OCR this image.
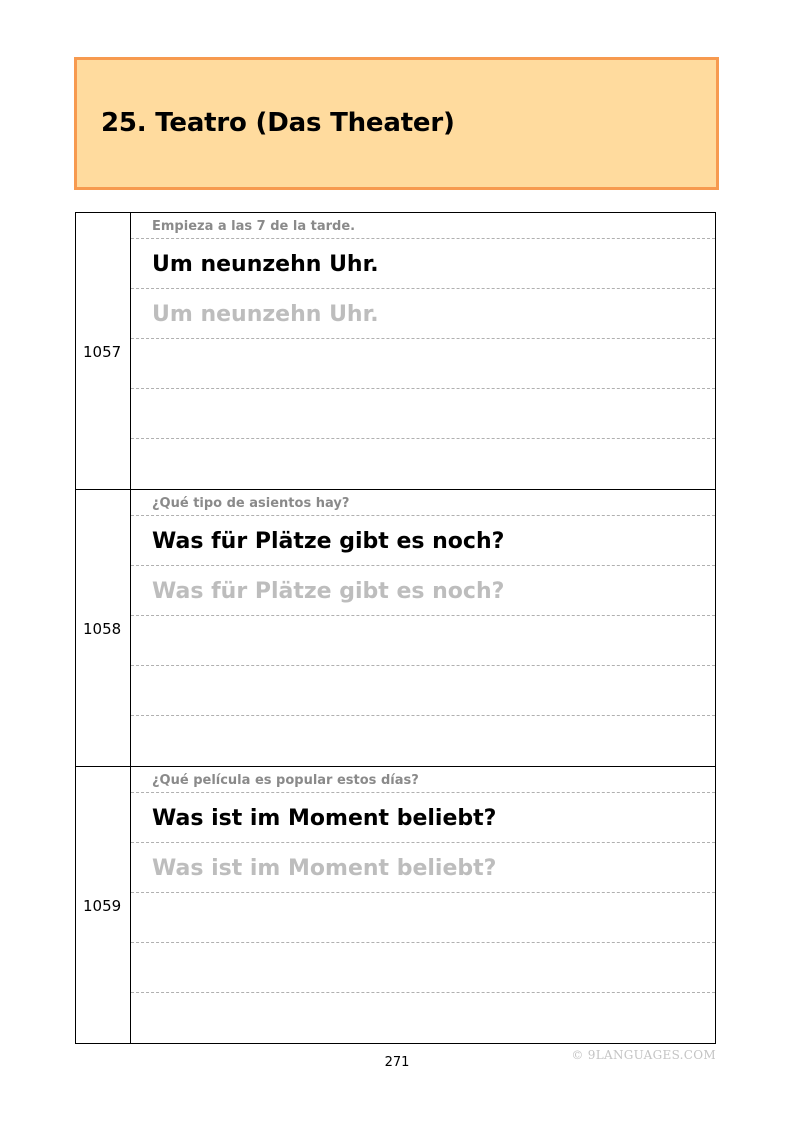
25. Teatro (Das Theater)
1057
Empieza a las 7 de la tarde.
Um neunzehn Uhr.
Um neunzehn Uhr.
1058
¿Qué tipo de asientos hay?
Was für Plätze gibt es noch?
Was für Plätze gibt es noch?
1059
¿Qué película es popular estos días?
Was ist im Moment beliebt?
Was ist im Moment beliebt?
271	© 9LANGUAGES.COM
